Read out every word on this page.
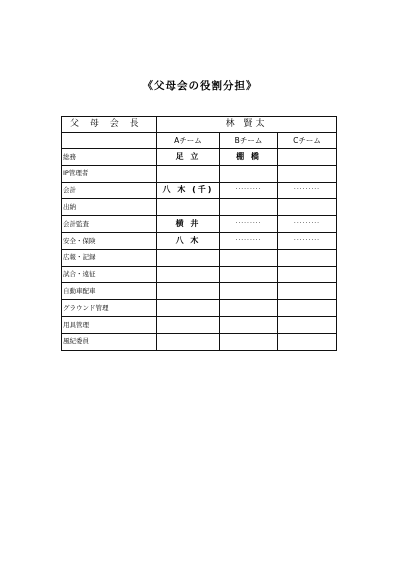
《父母会の役割分担》
父 母 会 長	林 賢太		
	Aチーム	Bチーム	Cチーム
総務	足 立	棚 橋	
IP管理者			
会計	八 木 (千)	·········	·········
出納			
会計監査	横 井	·········	·········
安全・保険	八 木	·········	·········
広報・記録			
試合・遠征			
自動車配車			
グラウンド管理			
用具管理			
風紀委員			
